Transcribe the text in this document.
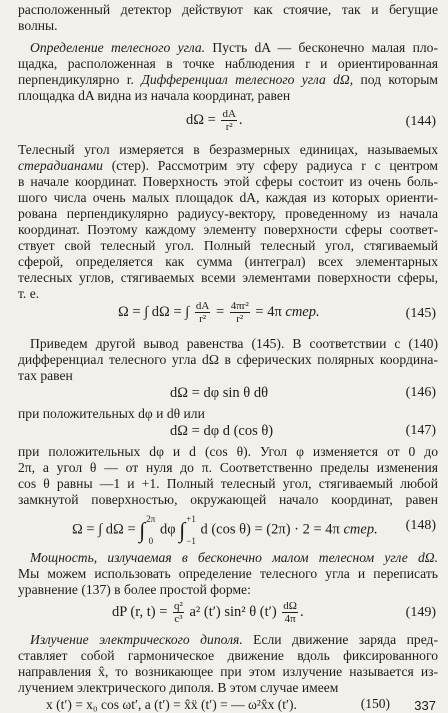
расположенный детектор действуют как стоячие, так и бегущие
волны.
Определение телесного угла. Пусть dA — бесконечно малая пло-
щадка, расположенная в точке наблюдения r и ориентированная
перпендикулярно r. Дифференциал телесного угла dΩ, под которым
площадка dA видна из начала координат, равен
$d\Omega = \frac{dA}{\text{r²}}$ .	(144)
Телесный угол измеряется в безразмерных единицах, называемых
стерадианами (стер). Рассмотрим эту сферу радиуса r с центром
в начале координат. Поверхность этой сферы состоит из очень боль-
шого числа очень малых площадок dA, каждая из которых ориенти-
рована перпендикулярно радиусу-вектору, проведенному из начала
координат. Поэтому каждому элементу поверхности сферы соответ-
ствует свой телесный угол. Полный телесный угол, стягиваемый
сферой, определяется как сумма (интеграл) всех элементарных
телесных углов, стягиваемых всеми элементами поверхности сферы,
т. е.
Ω = ∫ dΩ = ∫ $\frac{dA}{\text{r²}} = \frac{\text{4πr²}}{\text{r²}} = 4\pi$ стер.	(145)
Приведем другой вывод равенства (145). В соответствии с (140)
дифференциал телесного угла dΩ в сферических полярных координа-
тах равен
dΩ = dφ sin θ dθ	(146)
при положительных dφ и dθ или
dΩ = dφ d (cos θ)	(147)
при положительных dφ и d (cos θ). Угол φ изменяется от 0 до
2π, а угол θ — от нуля до π. Соответственно пределы изменения
cos θ равны —1 и +1. Полный телесный угол, стягиваемый любой
замкнутой поверхностью, окружающей начало координат, равен
Ω = ∫ dΩ = ∫ 2π
0
dφ ∫ +1
−1
d (cos θ) = (2π) · 2 = 4π стер. (148)
Мощность, излучаемая в бесконечно малом телесном угле dΩ.
Мы можем использовать определение телесного угла и переписать
уравнение (137) в более простой форме:
dP (r, $t) = \frac{\text{q²}}{\text{c³}} a^2$ (t′) sin² θ $(t') \frac{d\Omega}{4\pi}$ .	(149)
Излучение электрического диполя. Если движение заряда пред-
ставляет собой гармоническое движение вдоль фиксированного
направления x̂, то возникающее при этом излучение называется из-
лучением электрического диполя. В этом случае имеем
337
x (t′) = x₀ cos ωt′, a (t′) = x̂ẍ (t′) = — ω²x̂x (t′).	(150)
